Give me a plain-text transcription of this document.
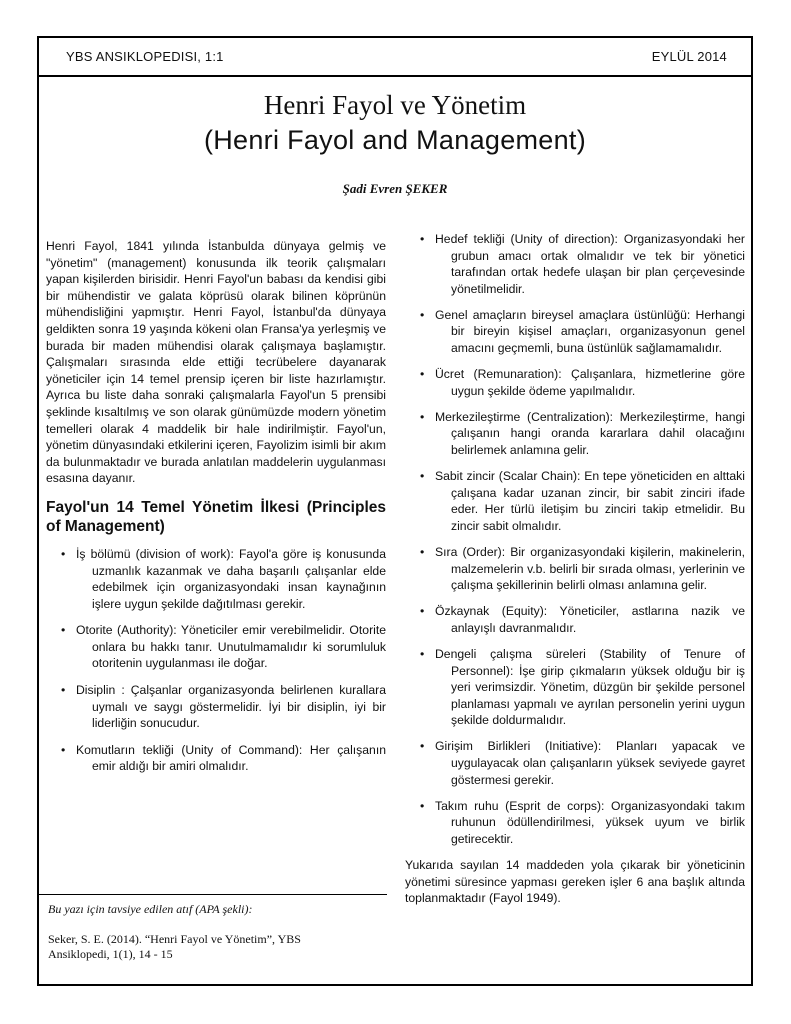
YBS ANSIKLOPEDISI, 1:1	EYLÜL 2014
Henri Fayol ve Yönetim
(Henri Fayol and Management)
Şadi Evren ŞEKER

Henri Fayol, 1841 yılında İstanbulda dünyaya gelmiş ve "yönetim" (management) konusunda ilk teorik çalışmaları yapan kişilerden birisidir. Henri Fayol'un babası da kendisi gibi bir mühendistir ve galata köprüsü olarak bilinen köprünün mühendisliğini yapmıştır. Henri Fayol, İstanbul'da dünyaya geldikten sonra 19 yaşında kökeni olan Fransa'ya yerleşmiş ve burada bir maden mühendisi olarak çalışmaya başlamıştır. Çalışmaları sırasında elde ettiği tecrübelere dayanarak yöneticiler için 14 temel prensip içeren bir liste hazırlamıştır. Ayrıca bu liste daha sonraki çalışmalarla Fayol'un 5 prensibi şeklinde kısaltılmış ve son olarak günümüzde modern yönetim temelleri olarak 4 maddelik bir hale indirilmiştir. Fayol'un, yönetim dünyasındaki etkilerini içeren, Fayolizim isimli bir akım da bulunmaktadır ve burada anlatılan maddelerin uygulanması esasına dayanır.

Fayol'un 14 Temel Yönetim İlkesi (Principles of Management)
• İş bölümü (division of work): Fayol'a göre iş konusunda uzmanlık kazanmak ve daha başarılı çalışanlar elde edebilmek için organizasyondaki insan kaynağının işlere uygun şekilde dağıtılması gerekir.
• Otorite (Authority): Yöneticiler emir verebilmelidir. Otorite onlara bu hakkı tanır. Unutulmamalıdır ki sorumluluk otoritenin uygulanması ile doğar.
• Disiplin : Çalşanlar organizasyonda belirlenen kurallara uymalı ve saygı göstermelidir. İyi bir disiplin, iyi bir liderliğin sonucudur.
• Komutların tekliği (Unity of Command): Her çalışanın emir aldığı bir amiri olmalıdır.
• Hedef tekliği (Unity of direction): Organizasyondaki her grubun amacı ortak olmalıdır ve tek bir yönetici tarafından ortak hedefe ulaşan bir plan çerçevesinde yönetilmelidir.
• Genel amaçların bireysel amaçlara üstünlüğü: Herhangi bir bireyin kişisel amaçları, organizasyonun genel amacını geçmemli, buna üstünlük sağlamamalıdır.
• Ücret (Remunaration): Çalışanlara, hizmetlerine göre uygun şekilde ödeme yapılmalıdır.
• Merkezileştirme (Centralization): Merkezileştirme, hangi çalışanın hangi oranda kararlara dahil olacağını belirlemek anlamına gelir.
• Sabit zincir (Scalar Chain): En tepe yöneticiden en alttaki çalışana kadar uzanan zincir, bir sabit zinciri ifade eder. Her türlü iletişim bu zinciri takip etmelidir. Bu zincir sabit olmalıdır.
• Sıra (Order): Bir organizasyondaki kişilerin, makinelerin, malzemelerin v.b. belirli bir sırada olması, yerlerinin ve çalışma şekillerinin belirli olması anlamına gelir.
• Özkaynak (Equity): Yöneticiler, astlarına nazik ve anlayışlı davranmalıdır.
• Dengeli çalışma süreleri (Stability of Tenure of Personnel): İşe girip çıkmaların yüksek olduğu bir iş yeri verimsizdir. Yönetim, düzgün bir şekilde personel planlaması yapmalı ve ayrılan personelin yerini uygun şekilde doldurmalıdır.
• Girişim Birlikleri (Initiative): Planları yapacak ve uygulayacak olan çalışanların yüksek seviyede gayret göstermesi gerekir.
• Takım ruhu (Esprit de corps): Organizasyondaki takım ruhunun ödüllendirilmesi, yüksek uyum ve birlik getirecektir.

Yukarıda sayılan 14 maddeden yola çıkarak bir yöneticinin yönetimi süresince yapması gereken işler 6 ana başlık altında toplanmaktadır (Fayol 1949).

Bu yazı için tavsiye edilen atıf (APA şekli):
Seker, S. E. (2014). “Henri Fayol ve Yönetim”, YBS Ansiklopedi, 1(1), 14 - 15
